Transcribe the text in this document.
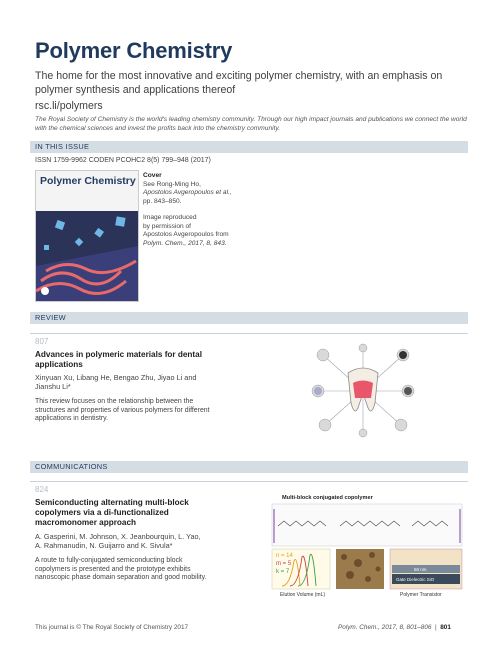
Polymer Chemistry
The home for the most innovative and exciting polymer chemistry, with an emphasis on polymer synthesis and applications thereof
rsc.li/polymers
The Royal Society of Chemistry is the world's leading chemistry community. Through our high impact journals and publications we connect the world with the chemical sciences and invest the profits back into the chemistry community.
IN THIS ISSUE
ISSN 1759-9962 CODEN PCOHC2 8(5) 799–948 (2017)
Polymer Chemistry Cover
See Rong-Ming Ho,
Apostolos Avgeropoulos et al.,
pp. 843–850.
Image reproduced
by permission of
Apostolos Avgeropoulos from
Polym. Chem., 2017, 8, 843.
REVIEW
807
Advances in polymeric materials for dental
applications
Xinyuan Xu, Libang He, Bengao Zhu, Jiyao Li and
Jianshu Li*
This review focuses on the relationship between the
structures and properties of various polymers for different
applications in dentistry.
COMMUNICATIONS
824
Semiconducting alternating multi-block
copolymers via a di-functionalized
macromonomer approach
A. Gasperini, M. Johnson, X. Jeanbourquin, L. Yao,
A. Rahmanudin, N. Guijarro and K. Sivula*
A route to fully-conjugated semiconducting block
copolymers is presented and the prototype exhibits
nanoscopic phase domain separation and good mobility.
Multi-block conjugated copolymer
n = 14
m = 5
k = 7
Elution Volume (mL)
50 nm
Gate Dielectric SiO
Polymer Transistor
This journal is © The Royal Society of Chemistry 2017	Polym. Chem., 2017, 8, 801–806  |  801
